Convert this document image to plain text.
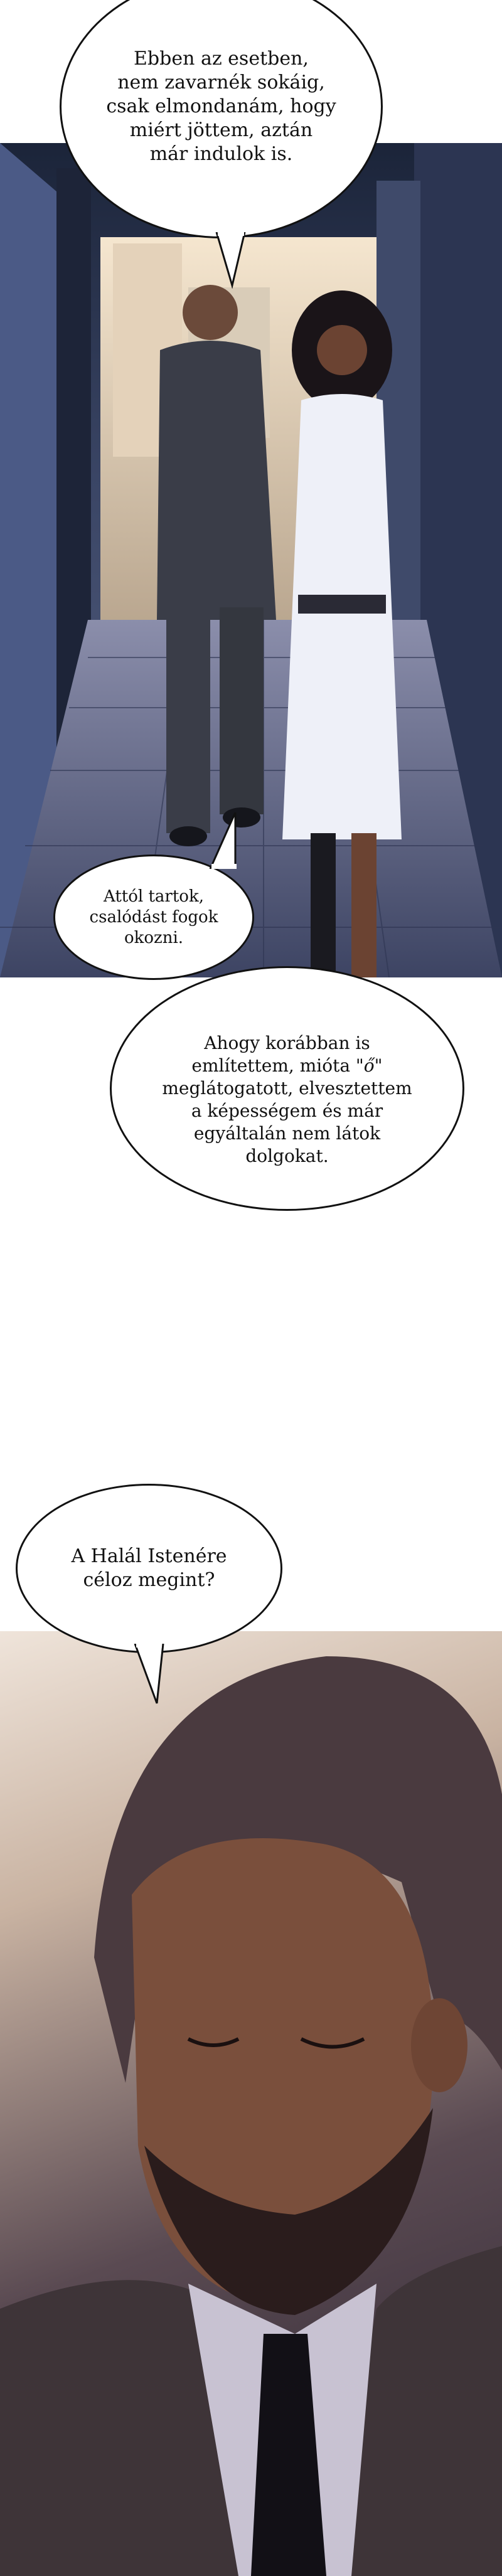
Ebben az esetben,
nem zavarnék sokáig,
csak elmondanám, hogy
miért jöttem, aztán
már indulok is.
Attól tartok,
csalódást fogok
okozni.

Ahogy korábban is
említettem, mióta "ő"
meglátogatott, elvesztettem
a képességem és már
egyáltalán nem látok
dolgokat.

A Halál Istenére
céloz megint?
